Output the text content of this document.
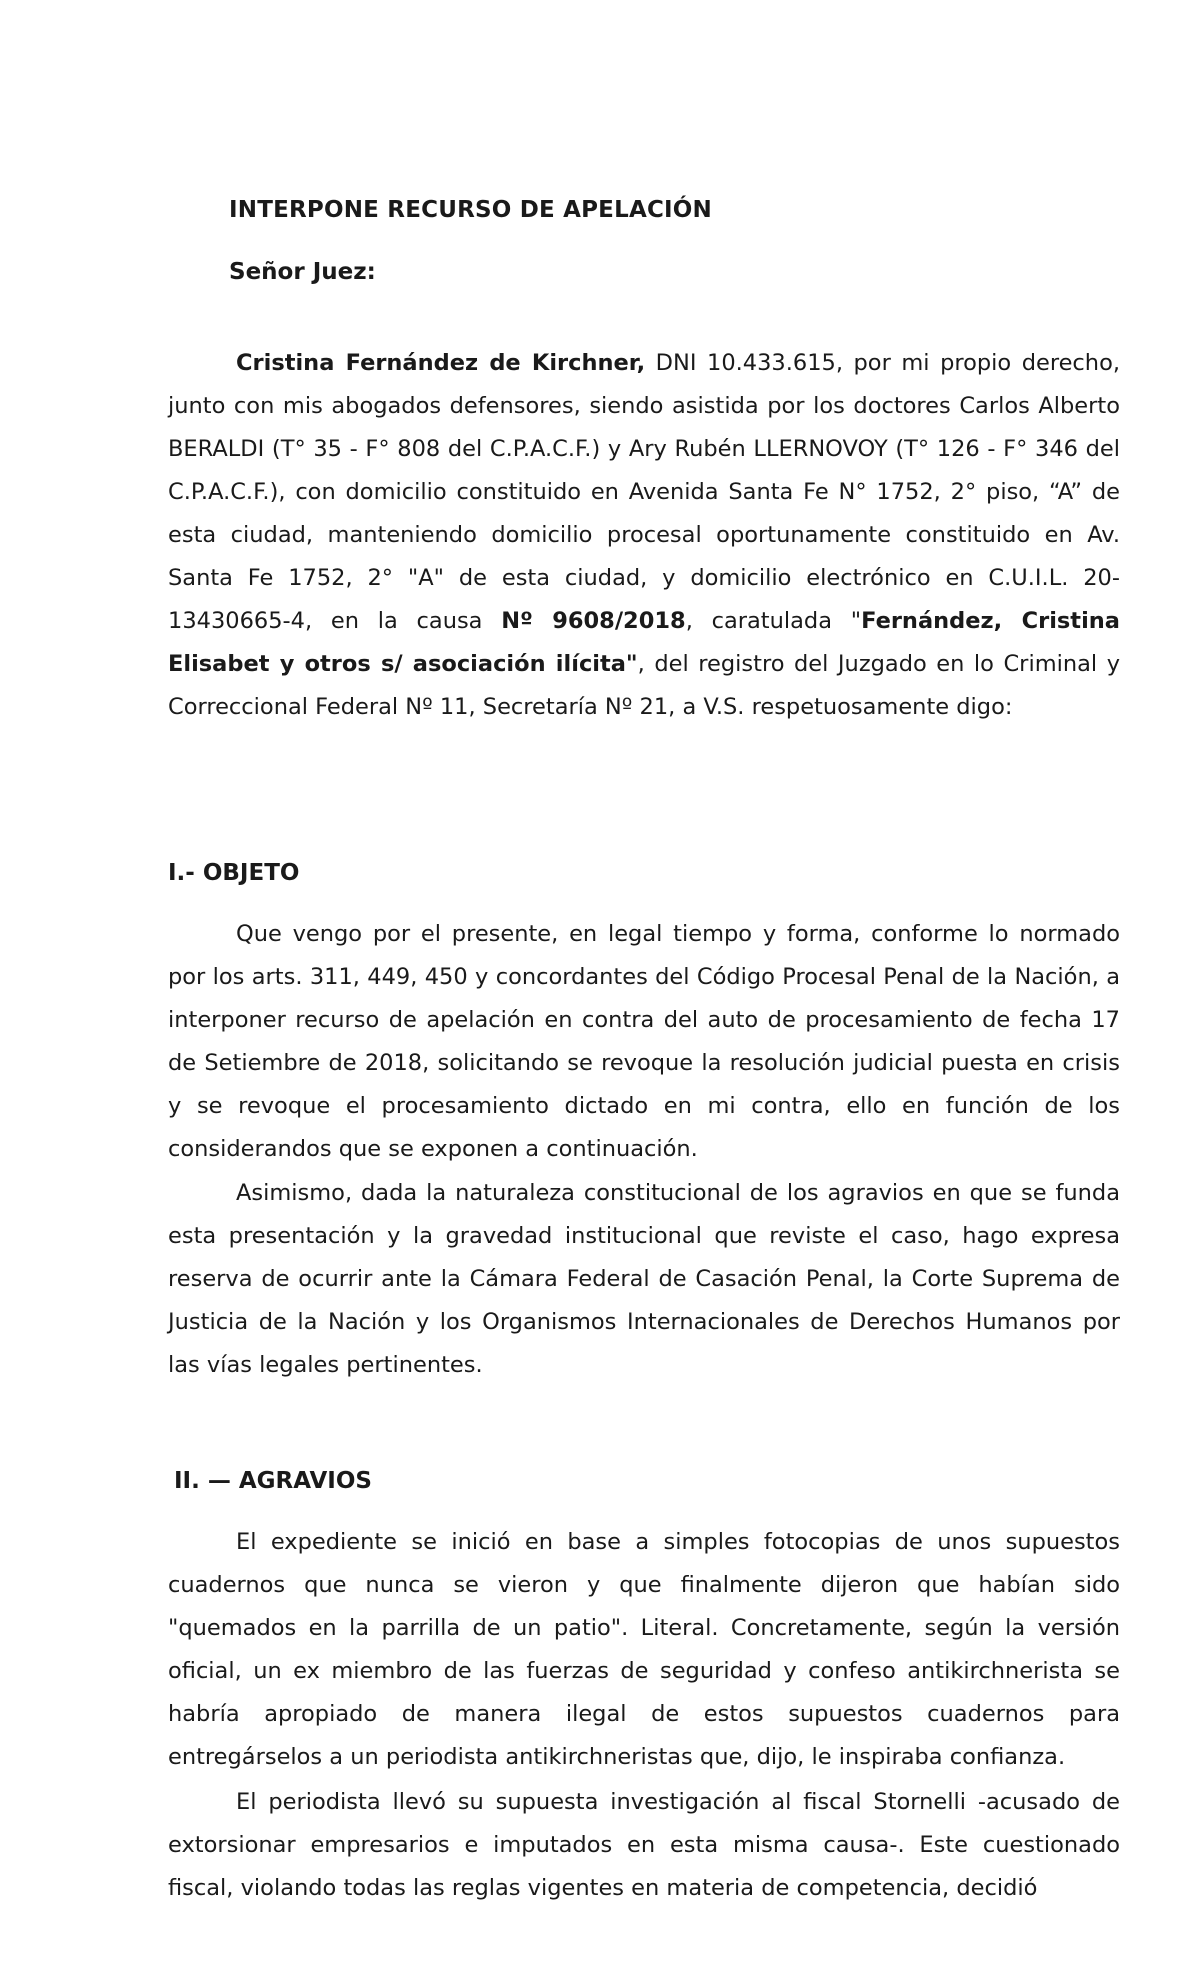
INTERPONE RECURSO DE APELACIÓN
Señor Juez:

Cristina Fernández de Kirchner, DNI 10.433.615, por mi propio derecho, junto con mis abogados defensores, siendo asistida por los doctores Carlos Alberto BERALDI (T° 35 - F° 808 del C.P.A.C.F.) y Ary Rubén LLERNOVOY (T° 126 - F° 346 del C.P.A.C.F.), con domicilio constituido en Avenida Santa Fe N° 1752, 2° piso, “A” de esta ciudad, manteniendo domicilio procesal oportunamente constituido en Av. Santa Fe 1752, 2° "A" de esta ciudad, y domicilio electrónico en C.U.I.L. 20-13430665-4, en la causa Nº 9608/2018, caratulada "Fernández, Cristina Elisabet y otros s/ asociación ilícita", del registro del Juzgado en lo Criminal y Correccional Federal Nº 11, Secretaría Nº 21, a V.S. respetuosamente digo:

I.- OBJETO

Que vengo por el presente, en legal tiempo y forma, conforme lo normado por los arts. 311, 449, 450 y concordantes del Código Procesal Penal de la Nación, a interponer recurso de apelación en contra del auto de procesamiento de fecha 17 de Setiembre de 2018, solicitando se revoque la resolución judicial puesta en crisis y se revoque el procesamiento dictado en mi contra, ello en función de los considerandos que se exponen a continuación.

Asimismo, dada la naturaleza constitucional de los agravios en que se funda esta presentación y la gravedad institucional que reviste el caso, hago expresa reserva de ocurrir ante la Cámara Federal de Casación Penal, la Corte Suprema de Justicia de la Nación y los Organismos Internacionales de Derechos Humanos por las vías legales pertinentes.

II. — AGRAVIOS

El expediente se inició en base a simples fotocopias de unos supuestos cuadernos que nunca se vieron y que finalmente dijeron que habían sido "quemados en la parrilla de un patio". Literal. Concretamente, según la versión oficial, un ex miembro de las fuerzas de seguridad y confeso antikirchnerista se habría apropiado de manera ilegal de estos supuestos cuadernos para entregárselos a un periodista antikirchneristas que, dijo, le inspiraba confianza.

El periodista llevó su supuesta investigación al fiscal Stornelli -acusado de extorsionar empresarios e imputados en esta misma causa-. Este cuestionado fiscal, violando todas las reglas vigentes en materia de competencia, decidió
